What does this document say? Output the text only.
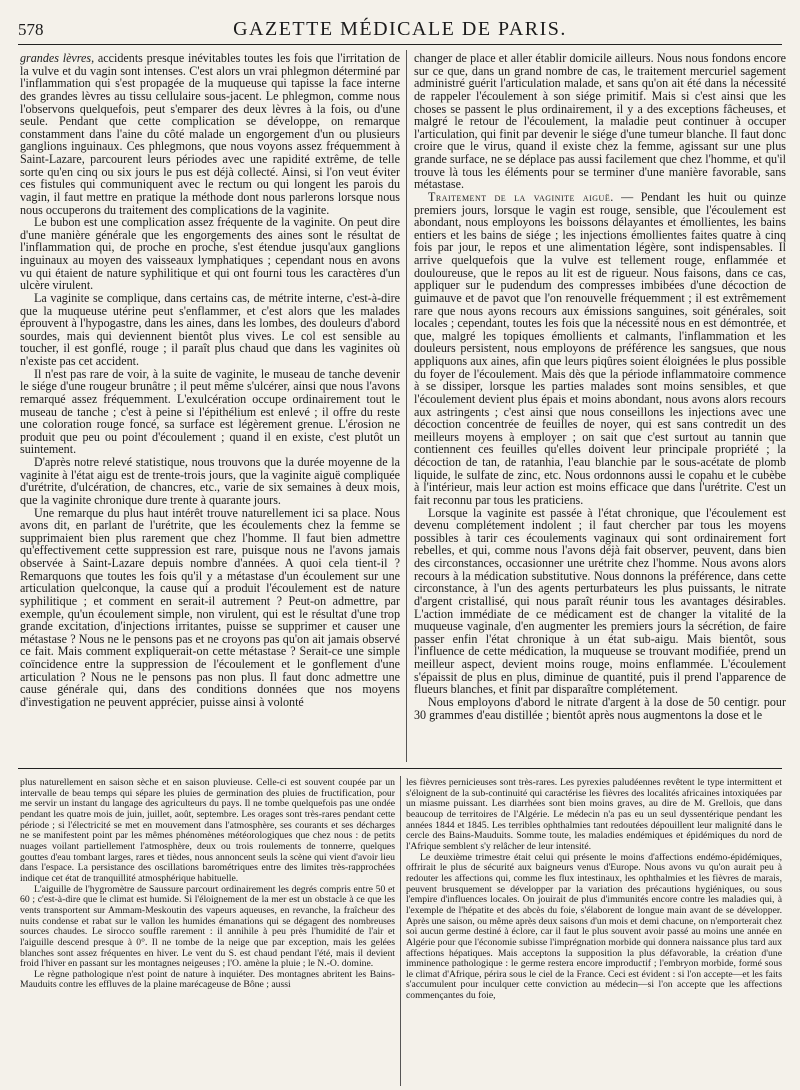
578	GAZETTE MÉDICALE DE PARIS.

grandes lèvres, accidents presque inévitables toutes les fois que l'irritation de la vulve et du vagin sont intenses. C'est alors un vrai phlegmon déterminé par l'inflammation qui s'est propagée de la muqueuse qui tapisse la face interne des grandes lèvres au tissu cellulaire sous-jacent. Le phlegmon, comme nous l'observons quelquefois, peut s'emparer des deux lèvres à la fois, ou d'une seule. Pendant que cette complication se développe, on remarque constamment dans l'aine du côté malade un engorgement d'un ou plusieurs ganglions inguinaux. Ces phlegmons, que nous voyons assez fréquemment à Saint-Lazare, parcourent leurs périodes avec une rapidité extrême, de telle sorte qu'en cinq ou six jours le pus est déjà collecté. Ainsi, si l'on veut éviter ces fistules qui communiquent avec le rectum ou qui longent les parois du vagin, il faut mettre en pratique la méthode dont nous parlerons lorsque nous nous occuperons du traitement des complications de la vaginite.

Le bubon est une complication assez fréquente de la vaginite. On peut dire d'une manière générale que les engorgements des aines sont le résultat de l'inflammation qui, de proche en proche, s'est étendue jusqu'aux ganglions inguinaux au moyen des vaisseaux lymphatiques ; cependant nous en avons vu qui étaient de nature syphilitique et qui ont fourni tous les caractères d'un ulcère virulent.

La vaginite se complique, dans certains cas, de métrite interne, c'est-à-dire que la muqueuse utérine peut s'enflammer, et c'est alors que les malades éprouvent à l'hypogastre, dans les aines, dans les lombes, des douleurs d'abord sourdes, mais qui deviennent bientôt plus vives. Le col est sensible au toucher, il est gonflé, rouge ; il paraît plus chaud que dans les vaginites où n'existe pas cet accident.

Il n'est pas rare de voir, à la suite de vaginite, le museau de tanche devenir le siége d'une rougeur brunâtre ; il peut même s'ulcérer, ainsi que nous l'avons remarqué assez fréquemment. L'exulcération occupe ordinairement tout le museau de tanche ; c'est à peine si l'épithélium est enlevé ; il offre du reste une coloration rouge foncé, sa surface est légèrement grenue. L'érosion ne produit que peu ou point d'écoulement ; quand il en existe, c'est plutôt un suintement.

D'après notre relevé statistique, nous trouvons que la durée moyenne de la vaginite à l'état aigu est de trente-trois jours, que la vaginite aiguë compliquée d'urétrite, d'ulcération, de chancres, etc., varie de six semaines à deux mois, que la vaginite chronique dure trente à quarante jours.

Une remarque du plus haut intérêt trouve naturellement ici sa place. Nous avons dit, en parlant de l'urétrite, que les écoulements chez la femme se supprimaient bien plus rarement que chez l'homme. Il faut bien admettre qu'effectivement cette suppression est rare, puisque nous ne l'avons jamais observée à Saint-Lazare depuis nombre d'années. A quoi cela tient-il ? Remarquons que toutes les fois qu'il y a métastase d'un écoulement sur une articulation quelconque, la cause qui a produit l'écoulement est de nature syphilitique ; et comment en serait-il autrement ? Peut-on admettre, par exemple, qu'un écoulement simple, non virulent, qui est le résultat d'une trop grande excitation, d'injections irritantes, puisse se supprimer et causer une métastase ? Nous ne le pensons pas et ne croyons pas qu'on ait jamais observé ce fait. Mais comment expliquerait-on cette métastase ? Serait-ce une simple coïncidence entre la suppression de l'écoulement et le gonflement d'une articulation ? Nous ne le pensons pas non plus. Il faut donc admettre une cause générale qui, dans des conditions données que nos moyens d'investigation ne peuvent apprécier, puisse ainsi à volonté

changer de place et aller établir domicile ailleurs. Nous nous fondons encore sur ce que, dans un grand nombre de cas, le traitement mercuriel sagement administré guérit l'articulation malade, et sans qu'on ait été dans la nécessité de rappeler l'écoulement à son siége primitif. Mais si c'est ainsi que les choses se passent le plus ordinairement, il y a des exceptions fâcheuses, et malgré le retour de l'écoulement, la maladie peut continuer à occuper l'articulation, qui finit par devenir le siége d'une tumeur blanche. Il faut donc croire que le virus, quand il existe chez la femme, agissant sur une plus grande surface, ne se déplace pas aussi facilement que chez l'homme, et qu'il trouve là tous les éléments pour se terminer d'une manière favorable, sans métastase.

Traitement de la vaginite aiguë. — Pendant les huit ou quinze premiers jours, lorsque le vagin est rouge, sensible, que l'écoulement est abondant, nous employons les boissons délayantes et émollientes, les bains entiers et les bains de siége ; les injections émollientes faites quatre à cinq fois par jour, le repos et une alimentation légère, sont indispensables. Il arrive quelquefois que la vulve est tellement rouge, enflammée et douloureuse, que le repos au lit est de rigueur. Nous faisons, dans ce cas, appliquer sur le pudendum des compresses imbibées d'une décoction de guimauve et de pavot que l'on renouvelle fréquemment ; il est extrêmement rare que nous ayons recours aux émissions sanguines, soit générales, soit locales ; cependant, toutes les fois que la nécessité nous en est démontrée, et que, malgré les topiques émollients et calmants, l'inflammation et les douleurs persistent, nous employons de préférence les sangsues, que nous appliquons aux aines, afin que leurs piqûres soient éloignées le plus possible du foyer de l'écoulement. Mais dès que la période inflammatoire commence à se dissiper, lorsque les parties malades sont moins sensibles, et que l'écoulement devient plus épais et moins abondant, nous avons alors recours aux astringents ; c'est ainsi que nous conseillons les injections avec une décoction concentrée de feuilles de noyer, qui est sans contredit un des meilleurs moyens à employer ; on sait que c'est surtout au tannin que contiennent ces feuilles qu'elles doivent leur principale propriété ; la décoction de tan, de ratanhia, l'eau blanchie par le sous-acétate de plomb liquide, le sulfate de zinc, etc. Nous ordonnons aussi le copahu et le cubèbe à l'intérieur, mais leur action est moins efficace que dans l'urétrite. C'est un fait reconnu par tous les praticiens.

Lorsque la vaginite est passée à l'état chronique, que l'écoulement est devenu complétement indolent ; il faut chercher par tous les moyens possibles à tarir ces écoulements vaginaux qui sont ordinairement fort rebelles, et qui, comme nous l'avons déjà fait observer, peuvent, dans bien des circonstances, occasionner une urétrite chez l'homme. Nous avons alors recours à la médication substitutive. Nous donnons la préférence, dans cette circonstance, à l'un des agents perturbateurs les plus puissants, le nitrate d'argent cristallisé, qui nous paraît réunir tous les avantages désirables. L'action immédiate de ce médicament est de changer la vitalité de la muqueuse vaginale, d'en augmenter les premiers jours la sécrétion, de faire passer enfin l'état chronique à un état sub-aigu. Mais bientôt, sous l'influence de cette médication, la muqueuse se trouvant modifiée, prend un meilleur aspect, devient moins rouge, moins enflammée. L'écoulement s'épaissit de plus en plus, diminue de quantité, puis il prend l'apparence de flueurs blanches, et finit par disparaître complétement.

Nous employons d'abord le nitrate d'argent à la dose de 50 centigr. pour 30 grammes d'eau distillée ; bientôt après nous augmentons la dose et le

plus naturellement en saison sèche et en saison pluvieuse. Celle-ci est souvent coupée par un intervalle de beau temps qui sépare les pluies de germination des pluies de fructification, pour me servir un instant du langage des agriculteurs du pays. Il ne tombe quelquefois pas une ondée pendant les quatre mois de juin, juillet, août, septembre. Les orages sont très-rares pendant cette période ; si l'électricité se met en mouvement dans l'atmosphère, ses courants et ses décharges ne se manifestent point par les mêmes phénomènes météorologiques que chez nous : de petits nuages voilant partiellement l'atmosphère, deux ou trois roulements de tonnerre, quelques gouttes d'eau tombant larges, rares et tièdes, nous annoncent seuls la scène qui vient d'avoir lieu dans l'espace. La persistance des oscillations barométriques entre des limites très-rapprochées indique cet état de tranquillité atmosphérique habituelle.

L'aiguille de l'hygromètre de Saussure parcourt ordinairement les degrés compris entre 50 et 60 ; c'est-à-dire que le climat est humide. Si l'éloignement de la mer est un obstacle à ce que les vents transportent sur Ammam-Meskoutin des vapeurs aqueuses, en revanche, la fraîcheur des nuits condense et rabat sur le vallon les humides émanations qui se dégagent des nombreuses sources chaudes. Le sirocco souffle rarement : il annihile à peu près l'humidité de l'air et l'aiguille descend presque à 0°. Il ne tombe de la neige que par exception, mais les gelées blanches sont assez fréquentes en hiver. Le vent du S. est chaud pendant l'été, mais il devient froid l'hiver en passant sur les montagnes neigeuses ; l'O. amène la pluie ; le N.-O. domine.

Le règne pathologique n'est point de nature à inquiéter. Des montagnes abritent les Bains-Mauduits contre les effluves de la plaine marécageuse de Bône ; aussi

les fièvres pernicieuses sont très-rares. Les pyrexies paludéennes revêtent le type intermittent et s'éloignent de la sub-continuité qui caractérise les fièvres des localités africaines intoxiquées par un miasme puissant. Les diarrhées sont bien moins graves, au dire de M. Grellois, que dans beaucoup de territoires de l'Algérie. Le médecin n'a pas eu un seul dyssentérique pendant les années 1844 et 1845. Les terribles ophthalmies tant redoutées dépouillent leur malignité dans le cercle des Bains-Mauduits. Somme toute, les maladies endémiques et épidémiques du nord de l'Afrique semblent s'y relâcher de leur intensité.

Le deuxième trimestre était celui qui présente le moins d'affections endémo-épidémiques, offrirait le plus de sécurité aux baigneurs venus d'Europe. Nous avons vu qu'on aurait peu à redouter les affections qui, comme les flux intestinaux, les ophthalmies et les fièvres de marais, peuvent brusquement se développer par la variation des précautions hygiéniques, ou sous l'empire d'influences locales. On jouirait de plus d'immunités encore contre les maladies qui, à l'exemple de l'hépatite et des abcès du foie, s'élaborent de longue main avant de se développer. Après une saison, ou même après deux saisons d'un mois et demi chacune, on n'emporterait chez soi aucun germe destiné à éclore, car il faut le plus souvent avoir passé au moins une année en Algérie pour que l'économie subisse l'imprégnation morbide qui donnera naissance plus tard aux affections hépatiques. Mais acceptons la supposition la plus défavorable, la création d'une imminence pathologique : le germe restera encore improductif ; l'embryon morbide, formé sous le climat d'Afrique, périra sous le ciel de la France. Ceci est évident : si l'on accepte—et les faits s'accumulent pour inculquer cette conviction au médecin—si l'on accepte que les affections commençantes du foie,
